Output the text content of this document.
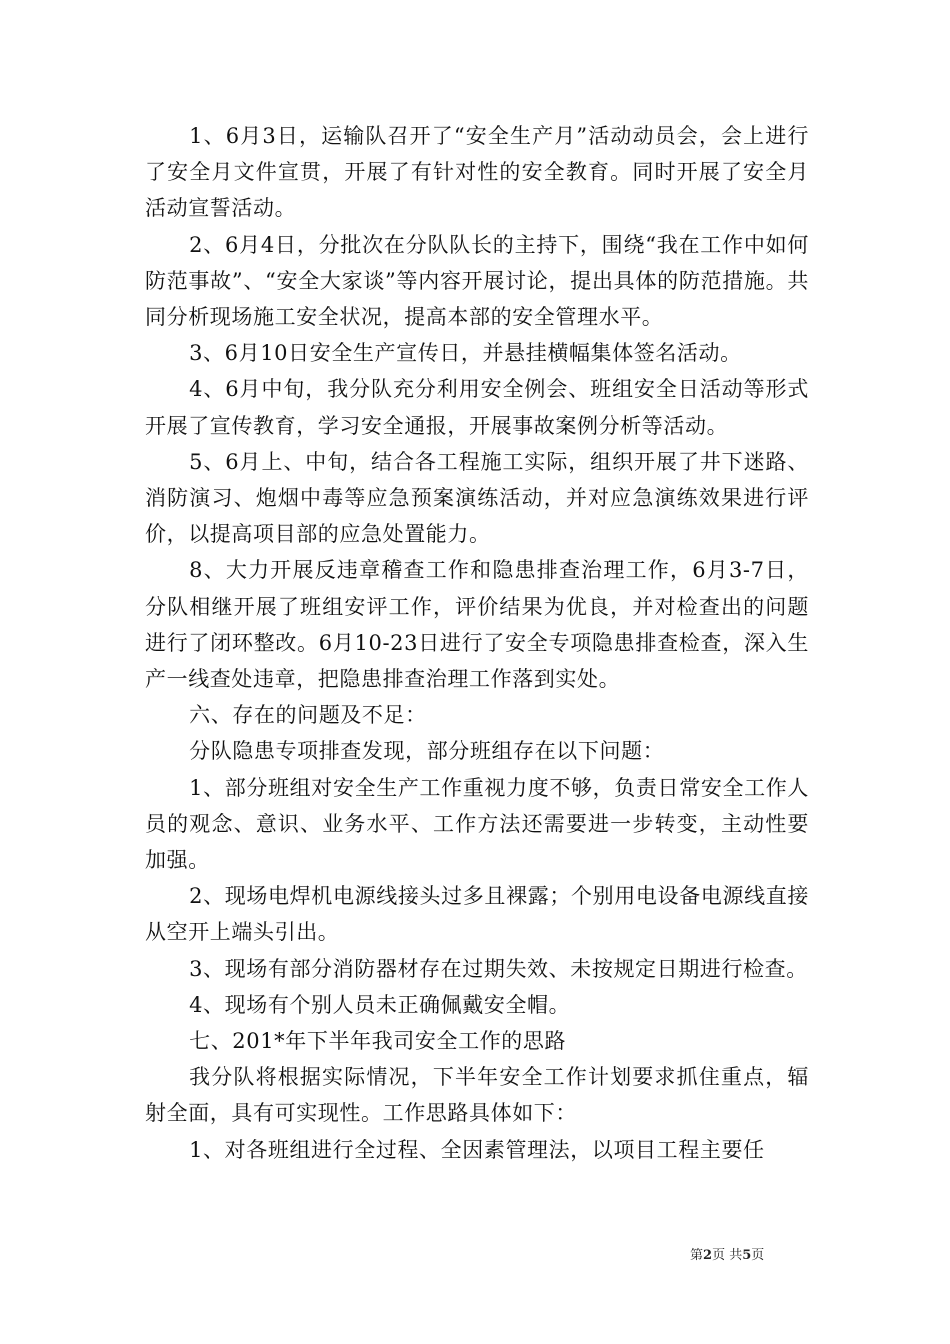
1、6月3日，运输队召开了“安全生产月”活动动员会，会上进行了安全月文件宣贯，开展了有针对性的安全教育。同时开展了安全月活动宣誓活动。

2、6月4日，分批次在分队队长的主持下，围绕“我在工作中如何防范事故”、“安全大家谈”等内容开展讨论，提出具体的防范措施。共同分析现场施工安全状况，提高本部的安全管理水平。

3、6月10日安全生产宣传日，并悬挂横幅集体签名活动。

4、6月中旬，我分队充分利用安全例会、班组安全日活动等形式开展了宣传教育，学习安全通报，开展事故案例分析等活动。

5、6月上、中旬，结合各工程施工实际，组织开展了井下迷路、消防演习、炮烟中毒等应急预案演练活动，并对应急演练效果进行评价，以提高项目部的应急处置能力。

8、大力开展反违章稽查工作和隐患排查治理工作，6月3-7日，分队相继开展了班组安评工作，评价结果为优良，并对检查出的问题进行了闭环整改。6月10-23日进行了安全专项隐患排查检查，深入生产一线查处违章，把隐患排查治理工作落到实处。

六、存在的问题及不足：

分队隐患专项排查发现，部分班组存在以下问题：

1、部分班组对安全生产工作重视力度不够，负责日常安全工作人员的观念、意识、业务水平、工作方法还需要进一步转变，主动性要加强。

2、现场电焊机电源线接头过多且裸露；个别用电设备电源线直接从空开上端头引出。

3、现场有部分消防器材存在过期失效、未按规定日期进行检查。

4、现场有个别人员未正确佩戴安全帽。

七、201*年下半年我司安全工作的思路

我分队将根据实际情况，下半年安全工作计划要求抓住重点，辐射全面，具有可实现性。工作思路具体如下：

1、对各班组进行全过程、全因素管理法，以项目工程主要任

第2页 共5页
